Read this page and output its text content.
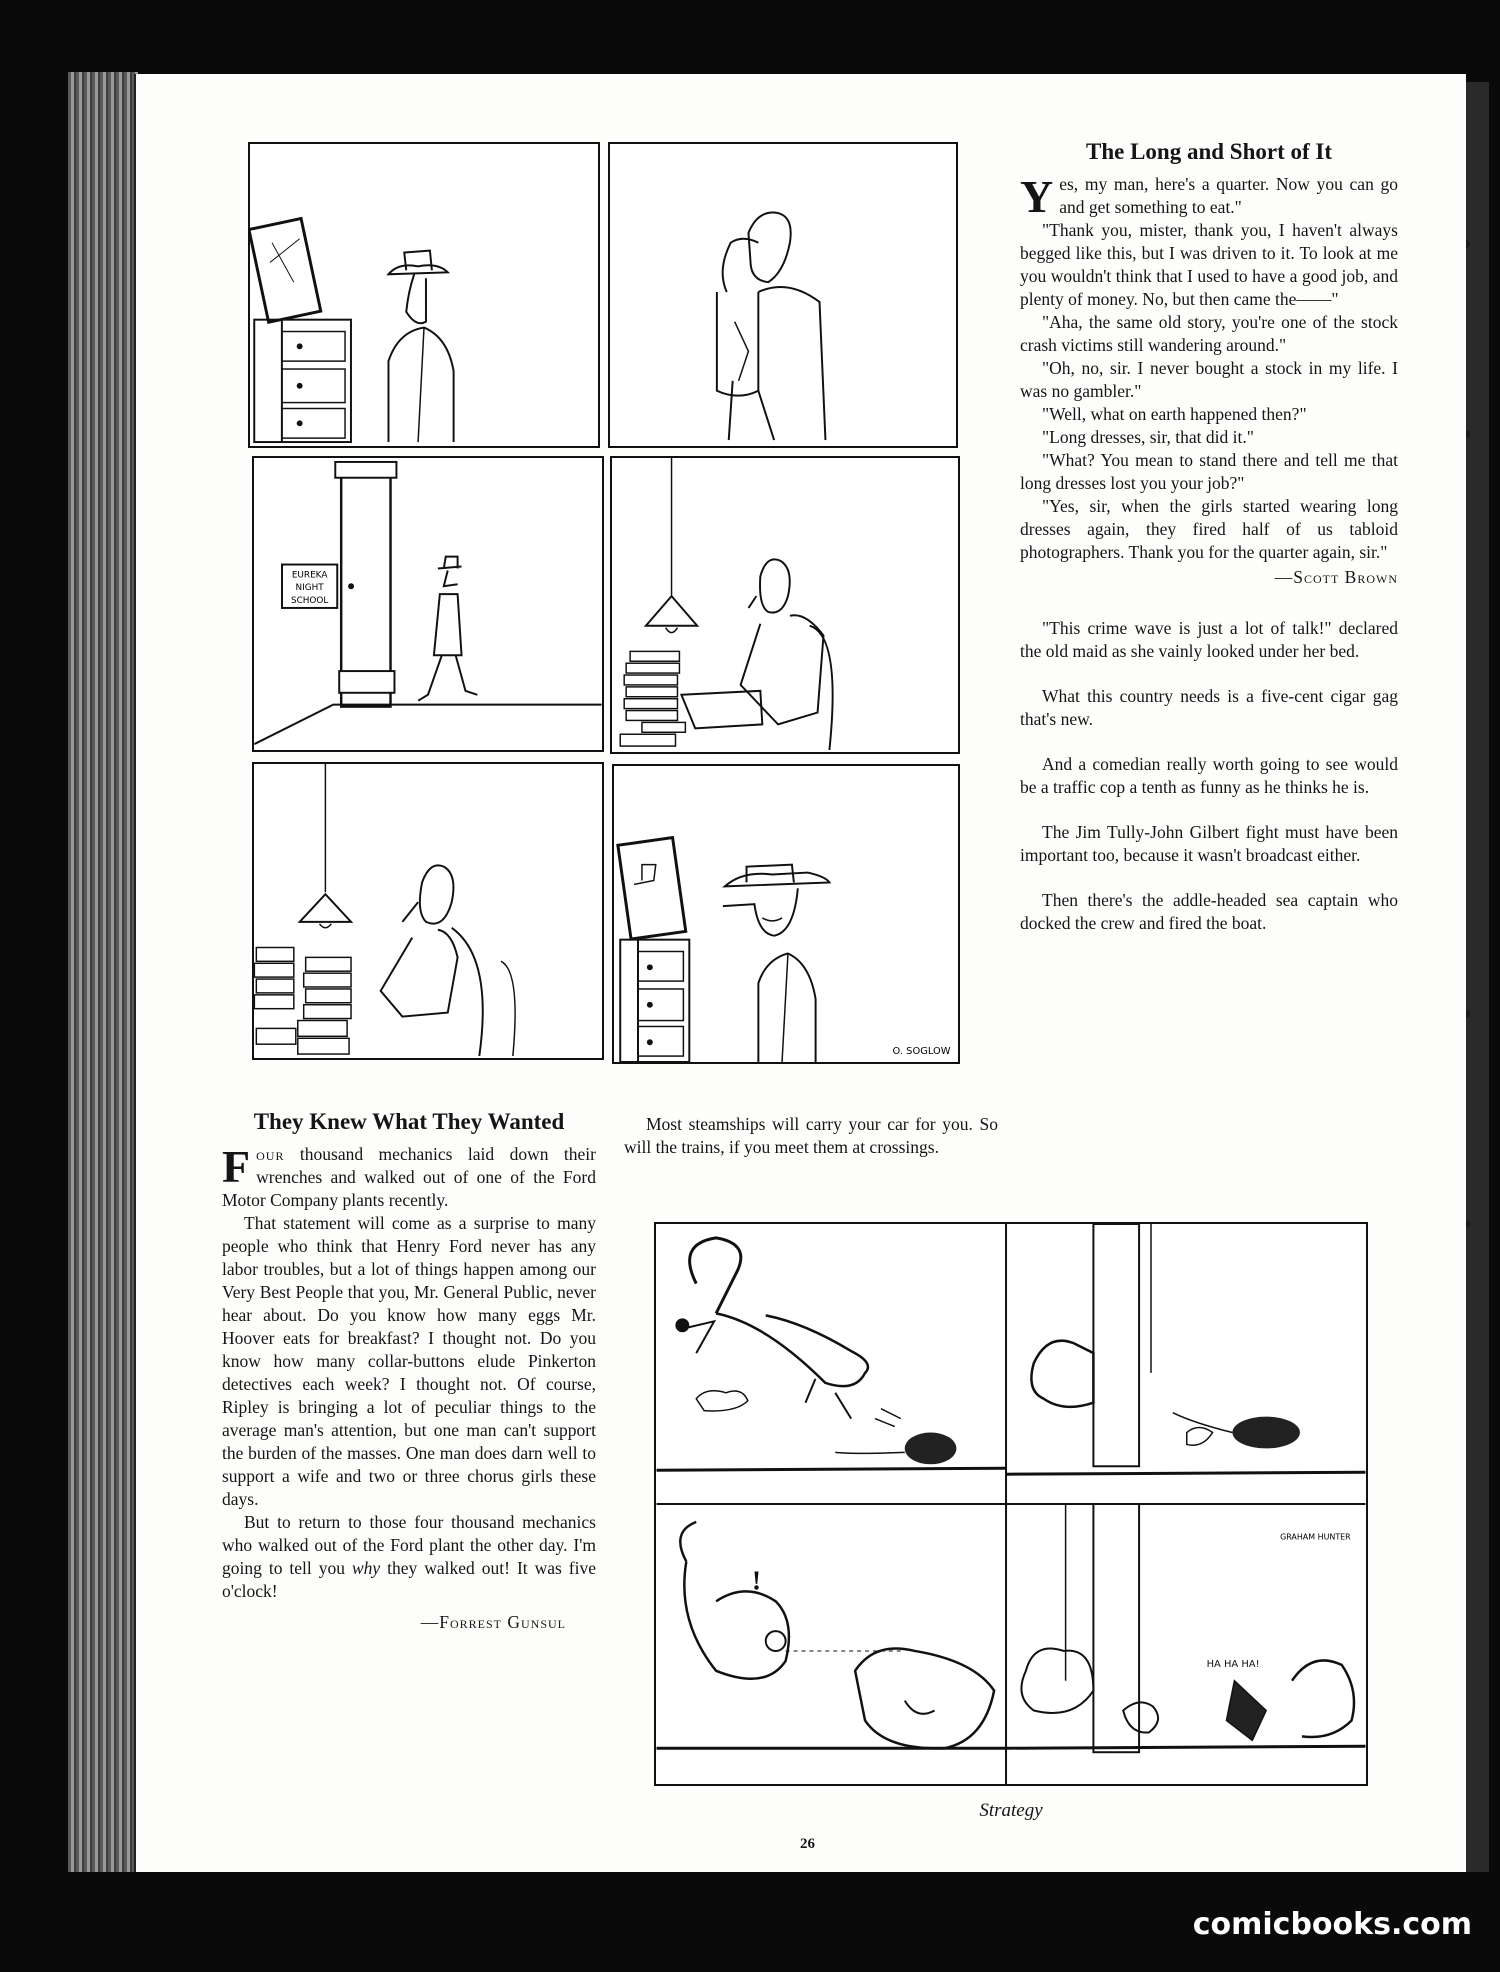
EUREKA
NIGHT
SCHOOL
O. SOGLOW
The Long and Short of It

Yes, my man, here's a quarter. Now you can go and get something to eat."

"Thank you, mister, thank you, I haven't always begged like this, but I was driven to it. To look at me you wouldn't think that I used to have a good job, and plenty of money. No, but then came the——"

"Aha, the same old story, you're one of the stock crash victims still wandering around."

"Oh, no, sir. I never bought a stock in my life. I was no gambler."

"Well, what on earth happened then?"

"Long dresses, sir, that did it."

"What? You mean to stand there and tell me that long dresses lost you your job?"

"Yes, sir, when the girls started wearing long dresses again, they fired half of us tabloid photographers. Thank you for the quarter again, sir."

—Scott Brown

"This crime wave is just a lot of talk!" declared the old maid as she vainly looked under her bed.

What this country needs is a five-cent cigar gag that's new.

And a comedian really worth going to see would be a traffic cop a tenth as funny as he thinks he is.

The Jim Tully-John Gilbert fight must have been important too, because it wasn't broadcast either.

Then there's the addle-headed sea captain who docked the crew and fired the boat.

They Knew What They Wanted

Four thousand mechanics laid down their wrenches and walked out of one of the Ford Motor Company plants recently.

That statement will come as a surprise to many people who think that Henry Ford never has any labor troubles, but a lot of things happen among our Very Best People that you, Mr. General Public, never hear about. Do you know how many eggs Mr. Hoover eats for breakfast? I thought not. Do you know how many collar-buttons elude Pinkerton detectives each week? I thought not. Of course, Ripley is bringing a lot of peculiar things to the average man's attention, but one man can't support the burden of the masses. One man does darn well to support a wife and two or three chorus girls these days.

But to return to those four thousand mechanics who walked out of the Ford plant the other day. I'm going to tell you why they walked out! It was five o'clock!

—Forrest Gunsul

Most steamships will carry your car for you. So will the trains, if you meet them at crossings.

GRAHAM HUNTER
!
HA HA HA!
Strategy
26
comicbooks.com
